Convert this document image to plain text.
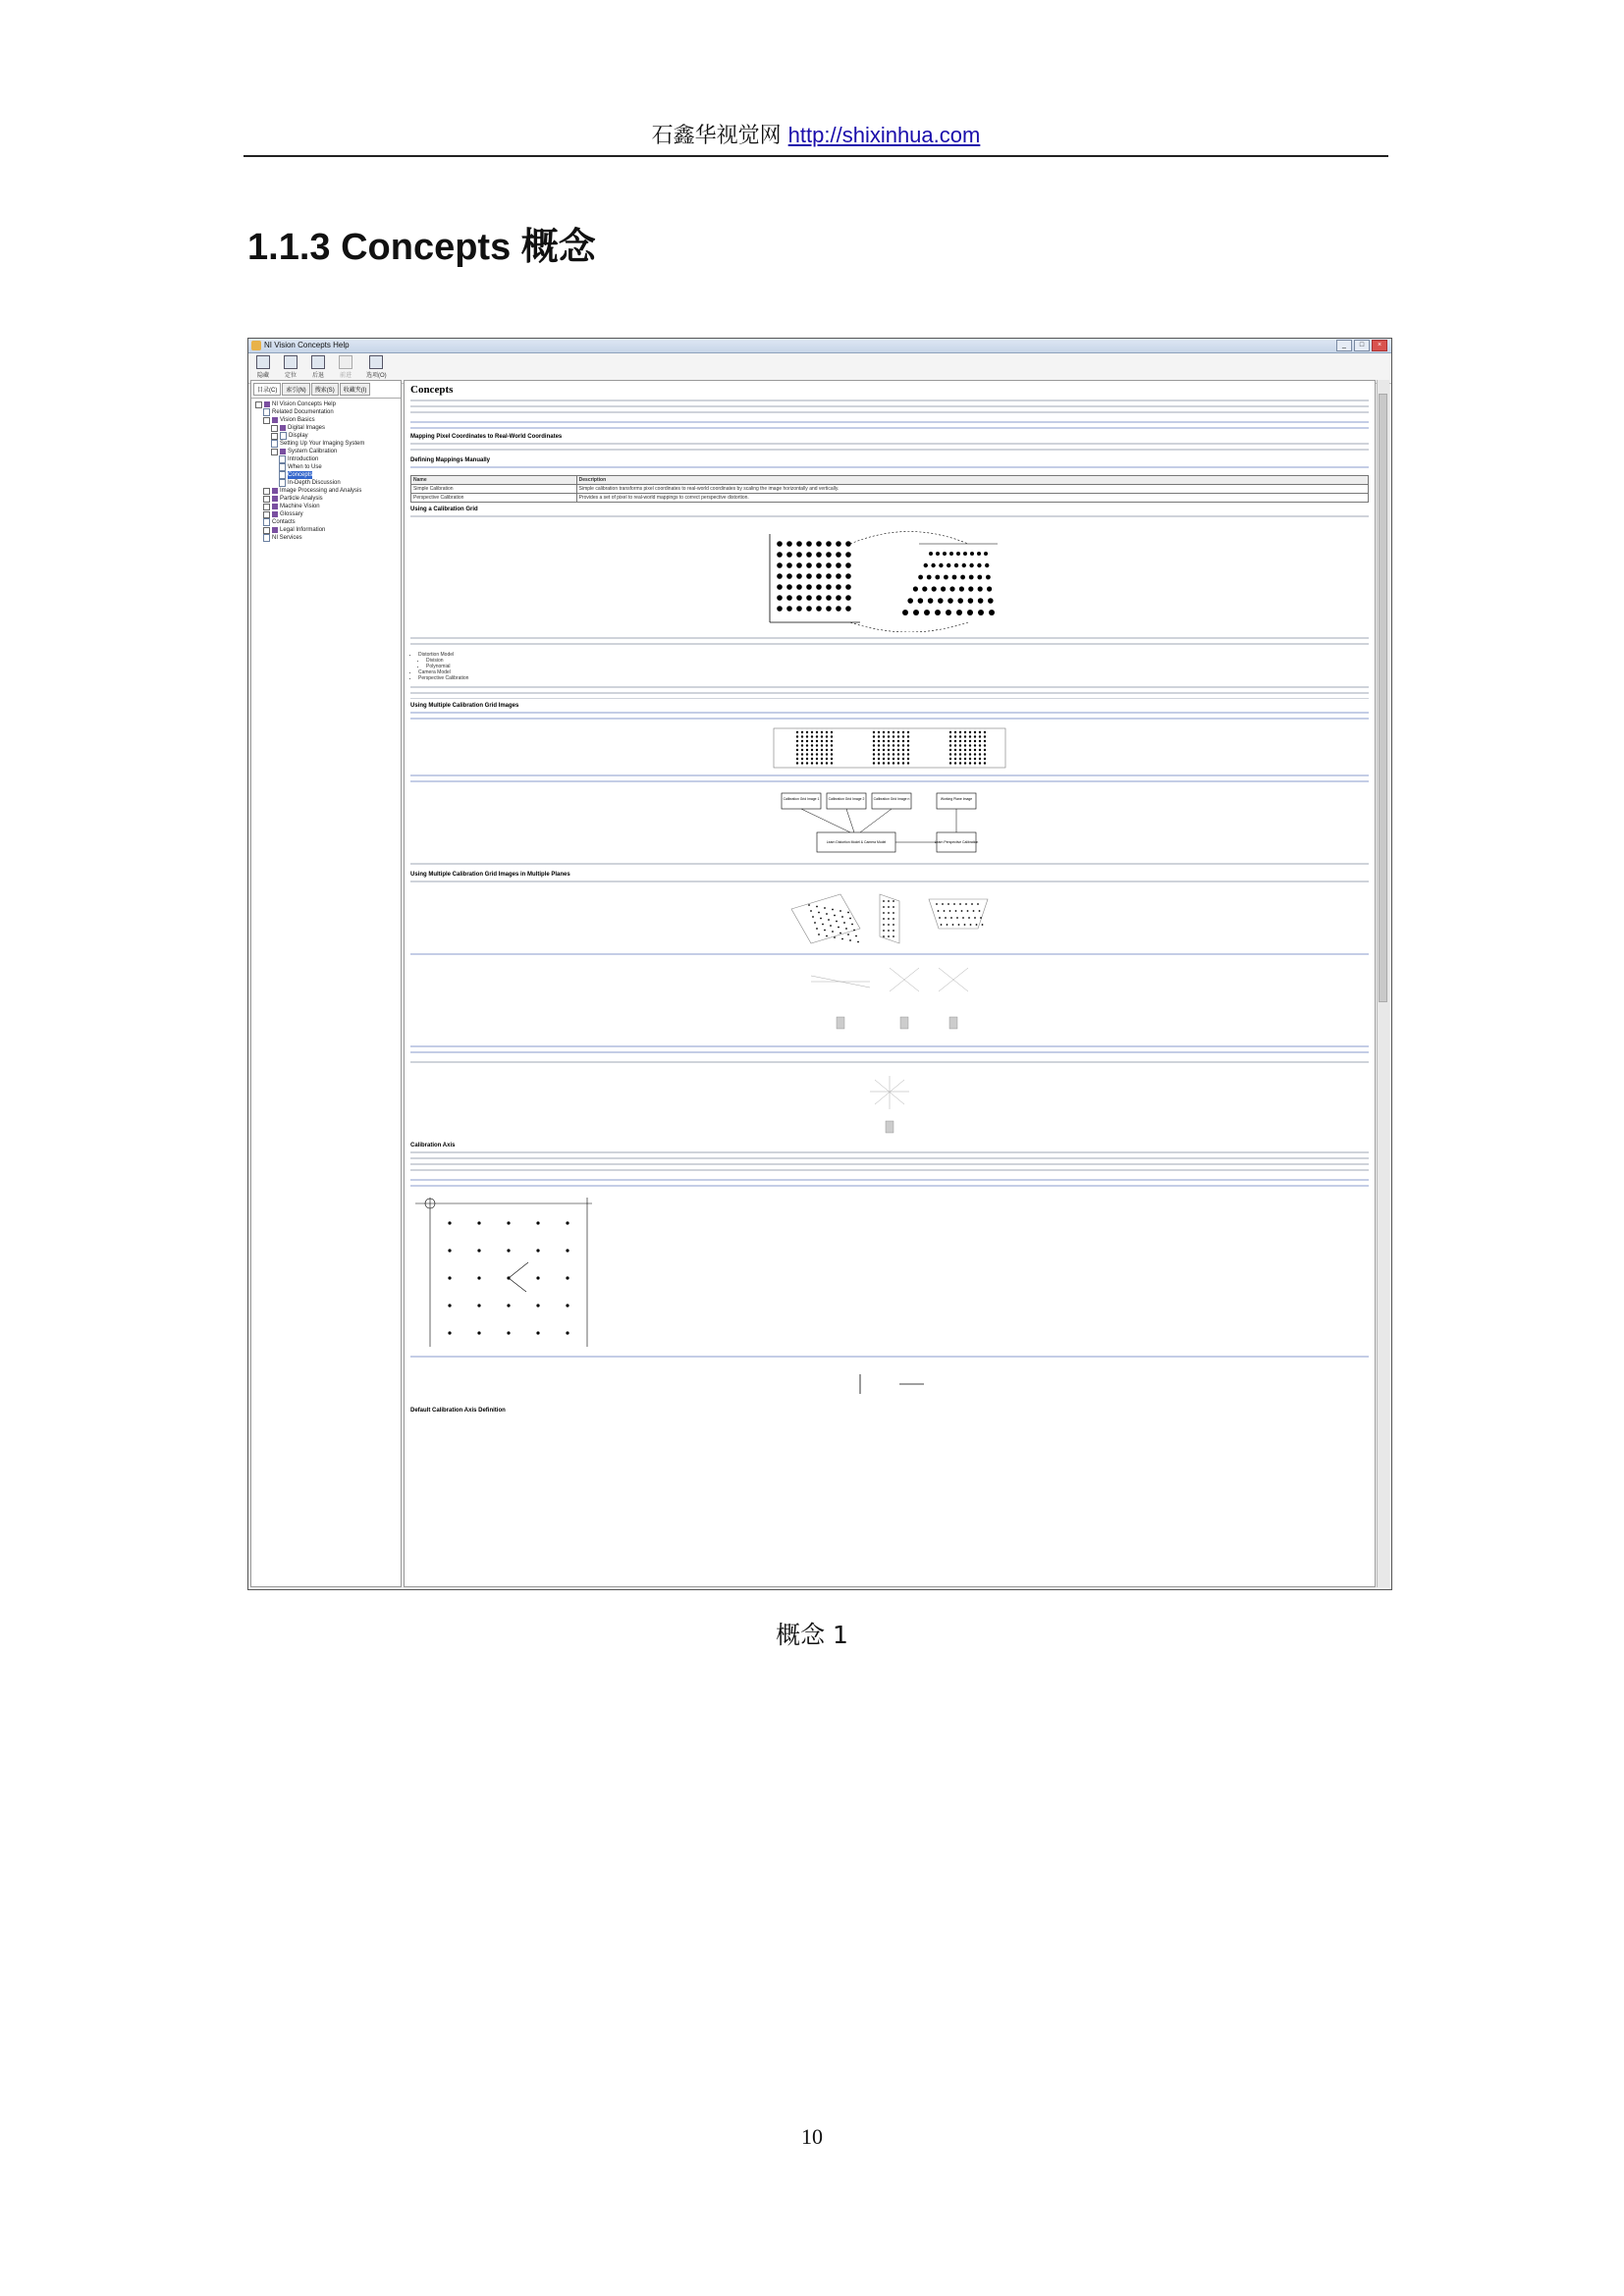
石鑫华视觉网 http://shixinhua.com
1.1.3 Concepts 概念
NI Vision Concepts Help	_	□	×
隐藏	定位	后退	前进	选项(O)
目录(C)	索引(N)	搜索(S)	收藏夹(I)
NI Vision Concepts Help
Related Documentation
Vision Basics
Digital Images
Display
Setting Up Your Imaging System
System Calibration
Introduction
When to Use
Concepts
In-Depth Discussion
Image Processing and Analysis
Particle Analysis
Machine Vision
Glossary
Contacts
Legal Information
NI Services
Concepts

Mapping Pixel Coordinates to Real-World Coordinates

Defining Mappings Manually

Name	Description
Simple Calibration	Simple calibration transforms pixel coordinates to real-world coordinates by scaling the image horizontally and vertically.
Perspective Calibration	Provides a set of pixel to real-world mappings to correct perspective distortion.
Using a Calibration Grid

• Distortion Model
• Division
• Polynomial
• Camera Model
• Perspective Calibration

Using Multiple Calibration Grid Images

Calibration Grid Image 1	Calibration Grid Image 2	Calibration Grid Image n	Working Plane Image
Learn Distortion Model & Camera Model	Learn Perspective Calibration

Using Multiple Calibration Grid Images in Multiple Planes

Calibration Axis

Default Calibration Axis Definition
概念 1
10
